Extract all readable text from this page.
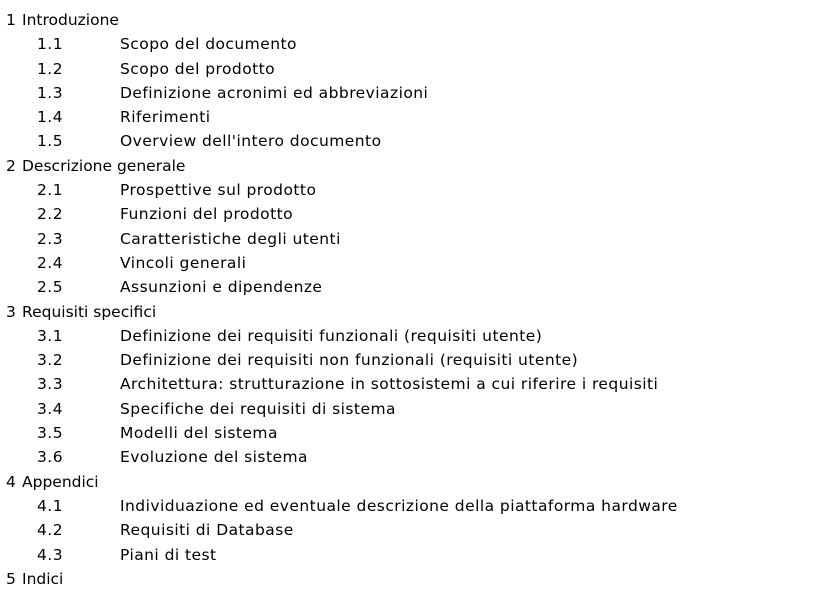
1 Introduzione
1.1	Scopo del documento
1.2	Scopo del prodotto
1.3	Definizione acronimi ed abbreviazioni
1.4	Riferimenti
1.5	Overview dell'intero documento
2 Descrizione generale
2.1	Prospettive sul prodotto
2.2	Funzioni del prodotto
2.3	Caratteristiche degli utenti
2.4	Vincoli generali
2.5	Assunzioni e dipendenze
3 Requisiti specifici
3.1	Definizione dei requisiti funzionali (requisiti utente)
3.2	Definizione dei requisiti non funzionali (requisiti utente)
3.3	Architettura: strutturazione in sottosistemi a cui riferire i requisiti
3.4	Specifiche dei requisiti di sistema
3.5	Modelli del sistema
3.6	Evoluzione del sistema
4 Appendici
4.1	Individuazione ed eventuale descrizione della piattaforma hardware
4.2	Requisiti di Database
4.3	Piani di test
5 Indici
